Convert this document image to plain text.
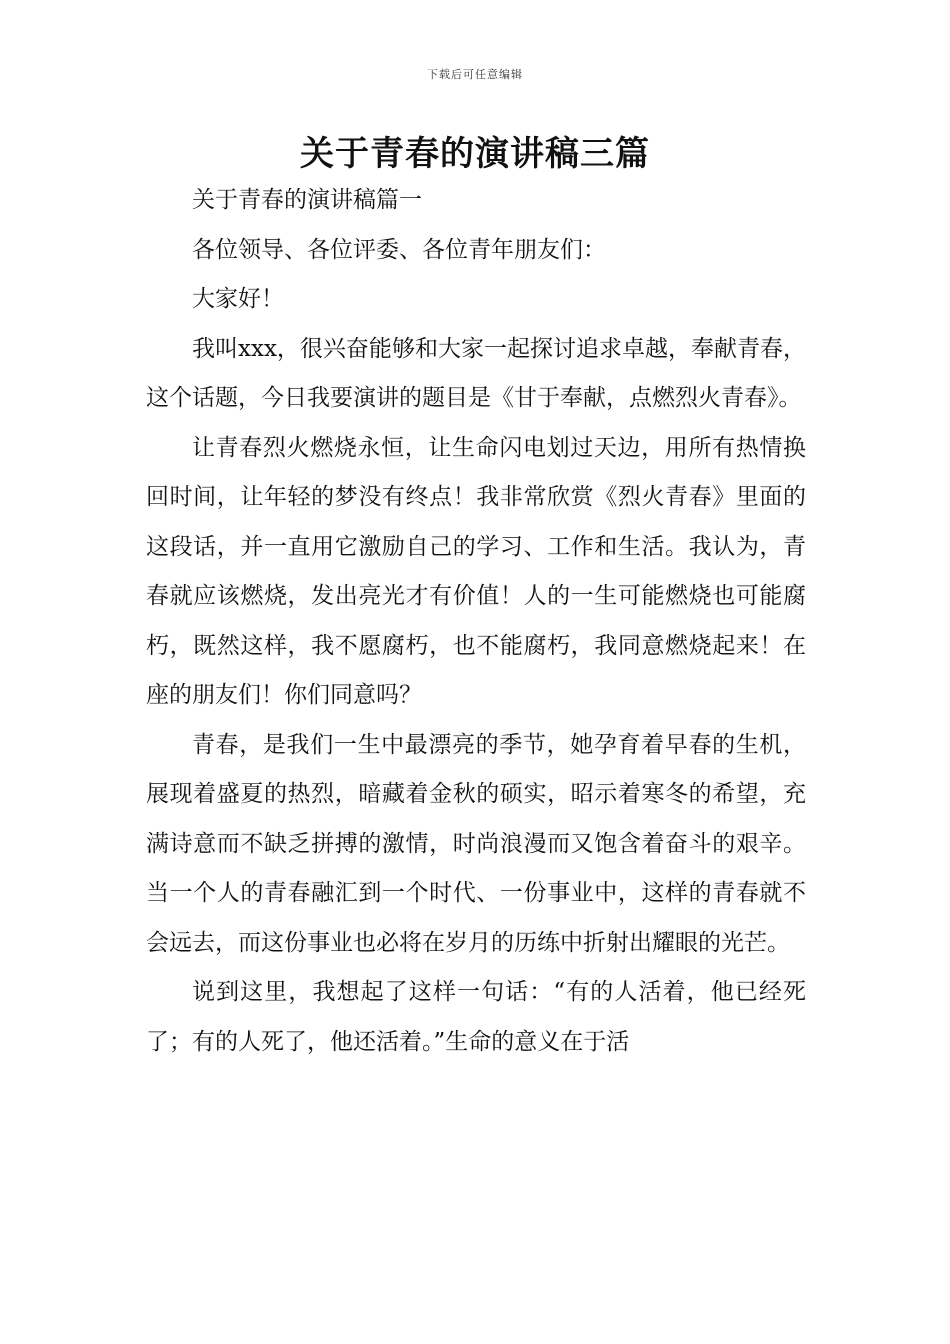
下载后可任意编辑
关于青春的演讲稿三篇

关于青春的演讲稿篇一

各位领导、各位评委、各位青年朋友们：

大家好！

我叫xxx，很兴奋能够和大家一起探讨追求卓越，奉献青春，这个话题，今日我要演讲的题目是《甘于奉献，点燃烈火青春》。

让青春烈火燃烧永恒，让生命闪电划过天边，用所有热情换回时间，让年轻的梦没有终点！我非常欣赏《烈火青春》里面的这段话，并一直用它激励自己的学习、工作和生活。我认为，青春就应该燃烧，发出亮光才有价值！人的一生可能燃烧也可能腐朽，既然这样，我不愿腐朽，也不能腐朽，我同意燃烧起来！在座的朋友们！你们同意吗？

青春，是我们一生中最漂亮的季节，她孕育着早春的生机，展现着盛夏的热烈，暗藏着金秋的硕实，昭示着寒冬的希望，充满诗意而不缺乏拼搏的激情，时尚浪漫而又饱含着奋斗的艰辛。当一个人的青春融汇到一个时代、一份事业中，这样的青春就不会远去，而这份事业也必将在岁月的历练中折射出耀眼的光芒。

说到这里，我想起了这样一句话：“有的人活着，他已经死了；有的人死了，他还活着。”生命的意义在于活
